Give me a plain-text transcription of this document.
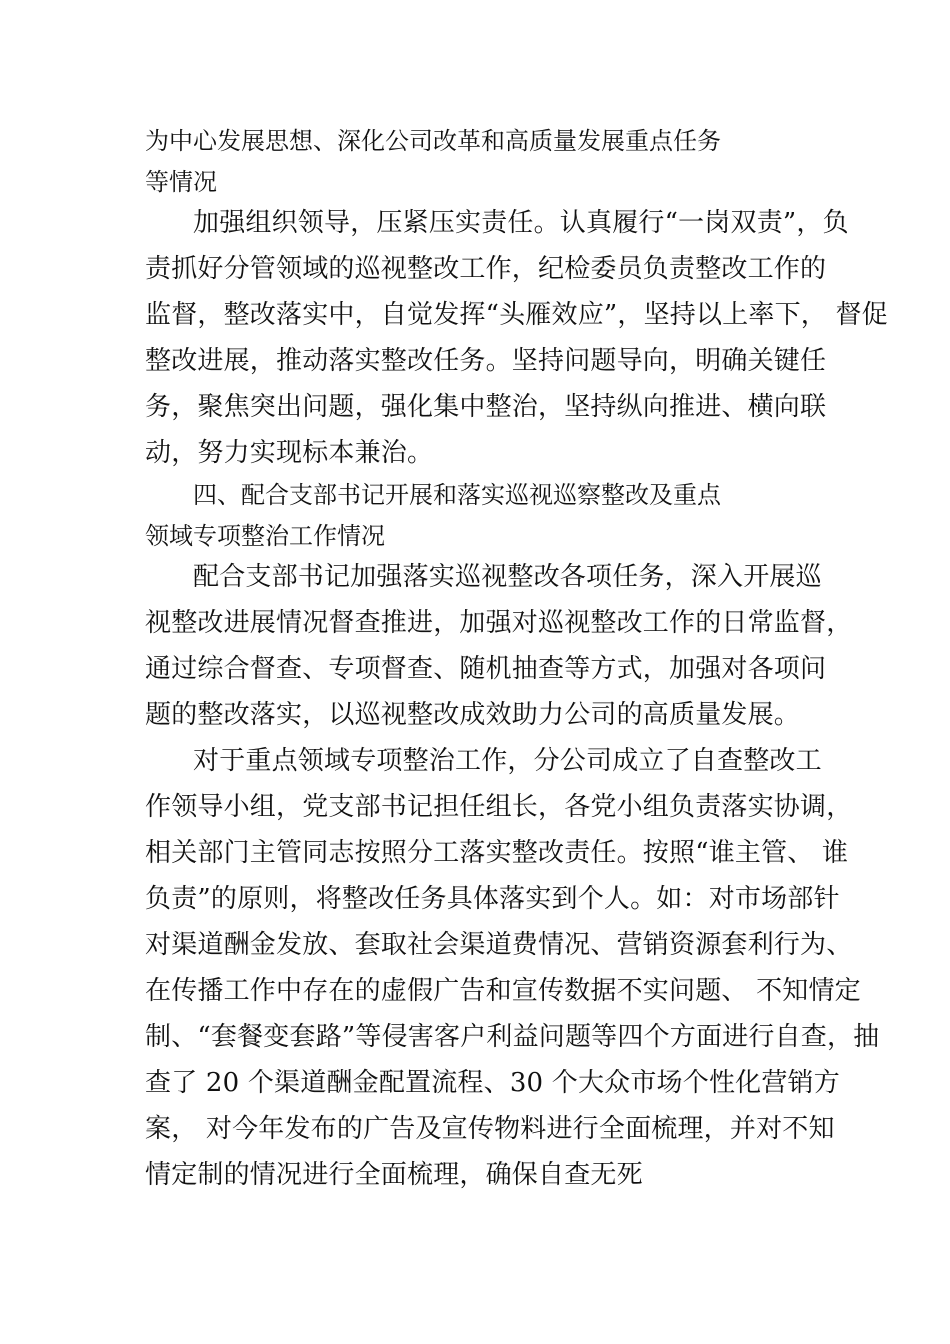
为中心发展思想、深化公司改革和高质量发展重点任务
等情况
加强组织领导，压紧压实责任。认真履行“一岗双责”，负
责抓好分管领域的巡视整改工作，纪检委员负责整改工作的
监督，整改落实中，自觉发挥“头雁效应”，坚持以上率下， 督促
整改进展，推动落实整改任务。坚持问题导向，明确关键任
务，聚焦突出问题，强化集中整治，坚持纵向推进、横向联
动，努力实现标本兼治。
四、配合支部书记开展和落实巡视巡察整改及重点
领域专项整治工作情况
配合支部书记加强落实巡视整改各项任务，深入开展巡
视整改进展情况督查推进，加强对巡视整改工作的日常监督，
通过综合督查、专项督查、随机抽查等方式，加强对各项问
题的整改落实，以巡视整改成效助力公司的高质量发展。
对于重点领域专项整治工作，分公司成立了自查整改工
作领导小组，党支部书记担任组长，各党小组负责落实协调，
相关部门主管同志按照分工落实整改责任。按照“谁主管、 谁
负责”的原则，将整改任务具体落实到个人。如：对市场部针
对渠道酬金发放、套取社会渠道费情况、营销资源套利行为、
在传播工作中存在的虚假广告和宣传数据不实问题、 不知情定
制、“套餐变套路”等侵害客户利益问题等四个方面进行自查，抽
查了 20 个渠道酬金配置流程、30 个大众市场个性化营销方
案， 对今年发布的广告及宣传物料进行全面梳理，并对不知
情定制的情况进行全面梳理，确保自查无死
